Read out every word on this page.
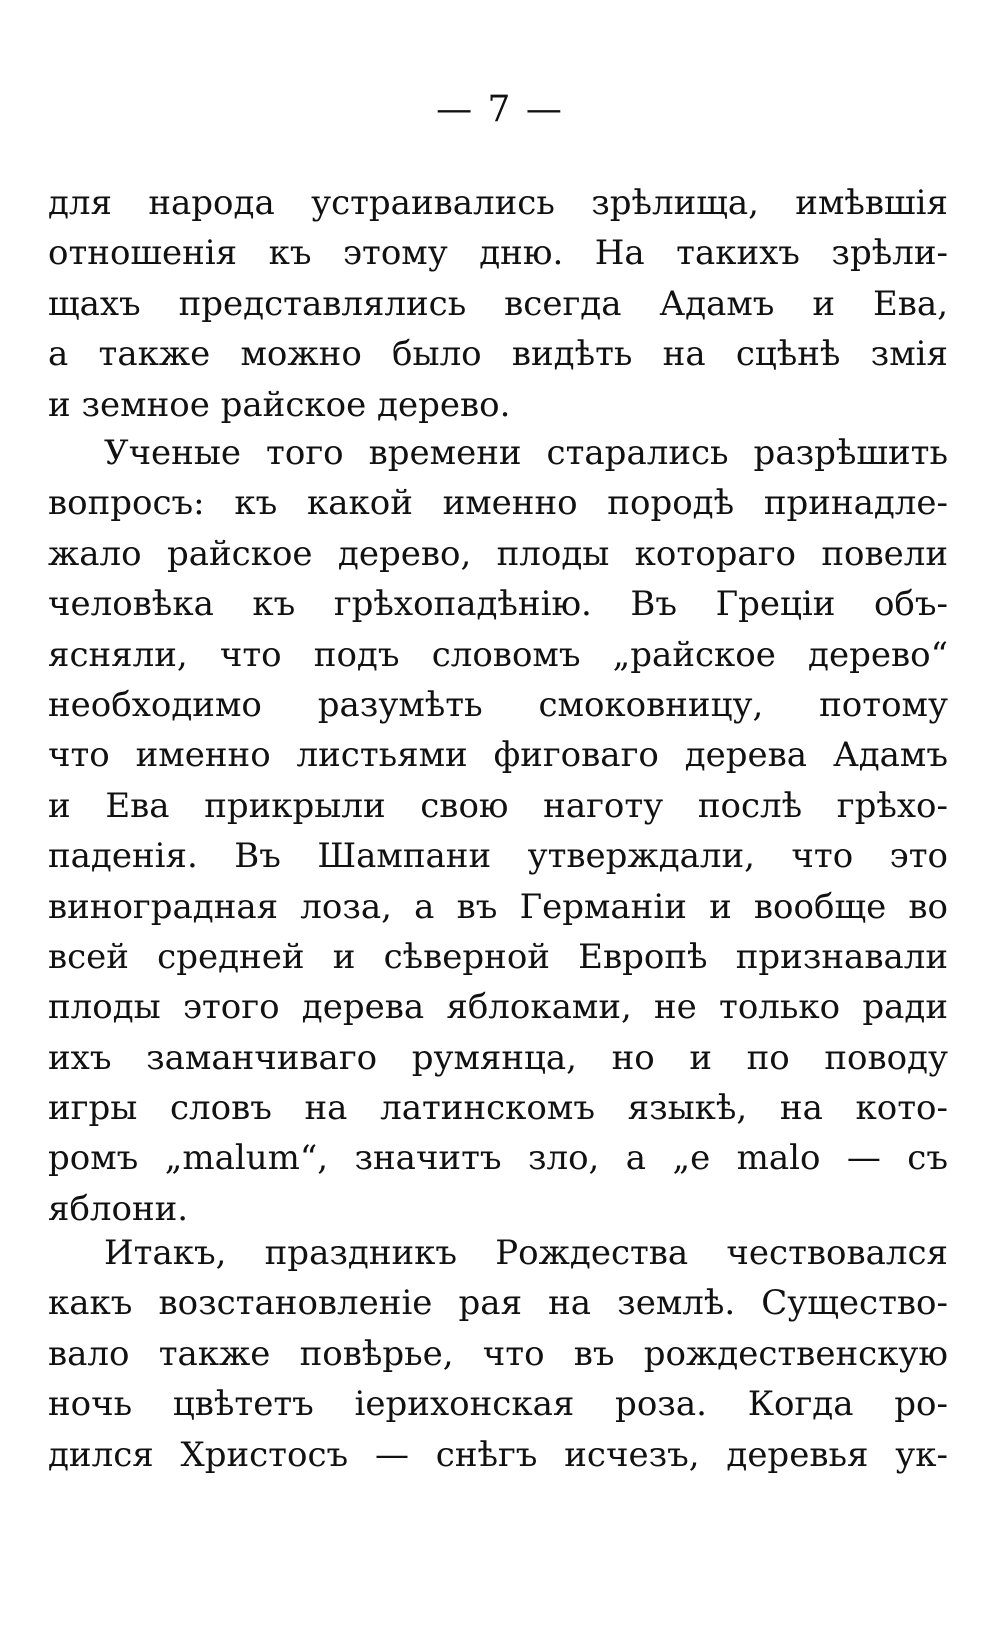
— 7 —
для народа устраивались зрѣлища, имѣвшія
отношенія къ этому дню. На такихъ зрѣли-
щахъ представлялись всегда Адамъ и Ева,
а также можно было видѣть на сцѣнѣ змія
и земное райское дерево.
Ученые того времени старались разрѣшить
вопросъ: къ какой именно породѣ принадле-
жало райское дерево, плоды котораго повели
человѣка къ грѣхопадѣнію. Въ Греціи объ-
ясняли, что подъ словомъ „райское дерево“
необходимо разумѣть смоковницу, потому
что именно листьями фиговаго дерева Адамъ
и Ева прикрыли свою наготу послѣ грѣхо-
паденія. Въ Шампани утверждали, что это
виноградная лоза, а въ Германіи и вообще во
всей средней и сѣверной Европѣ признавали
плоды этого дерева яблоками, не только ради
ихъ заманчиваго румянца, но и по поводу
игры словъ на латинскомъ языкѣ, на кото-
ромъ „malum“, значитъ зло, а „e malo — съ
яблони.
Итакъ, праздникъ Рождества чествовался
какъ возстановленіе рая на землѣ. Существо-
вало также повѣрье, что въ рождественскую
ночь цвѣтетъ іерихонская роза. Когда ро-
дился Христосъ — снѣгъ исчезъ, деревья ук-
